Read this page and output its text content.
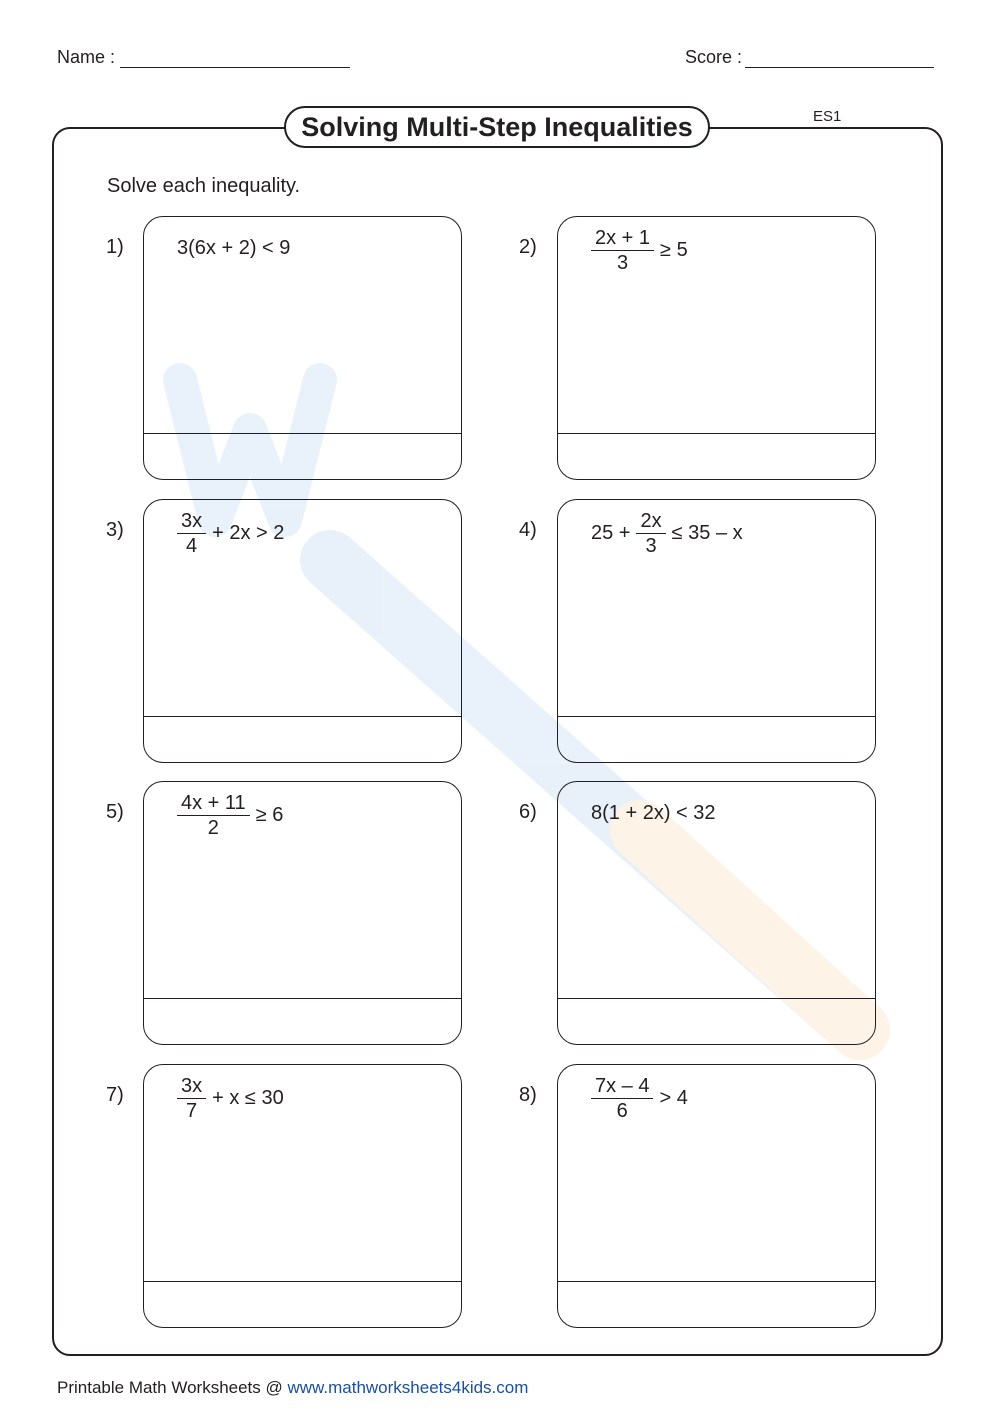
Name :	Score :
Solving Multi-Step Inequalities	ES1
Solve each inequality.
1)	3(6x + 2) < 9	2)	$\frac{2x + 1}{3} \ge 5$
3)	$\frac{3x}{4} + 2x > 2$	4)	$25 + \frac{2x}{3} \le 35 - x$
5)	$\frac{4x + 11}{2} \ge 6$	6)	8(1 + 2x) < 32
7)	$\frac{3x}{7} + x \le 30$	8)	$\frac{7x - 4}{6} > 4$
Printable Math Worksheets @ www.mathworksheets4kids.com
